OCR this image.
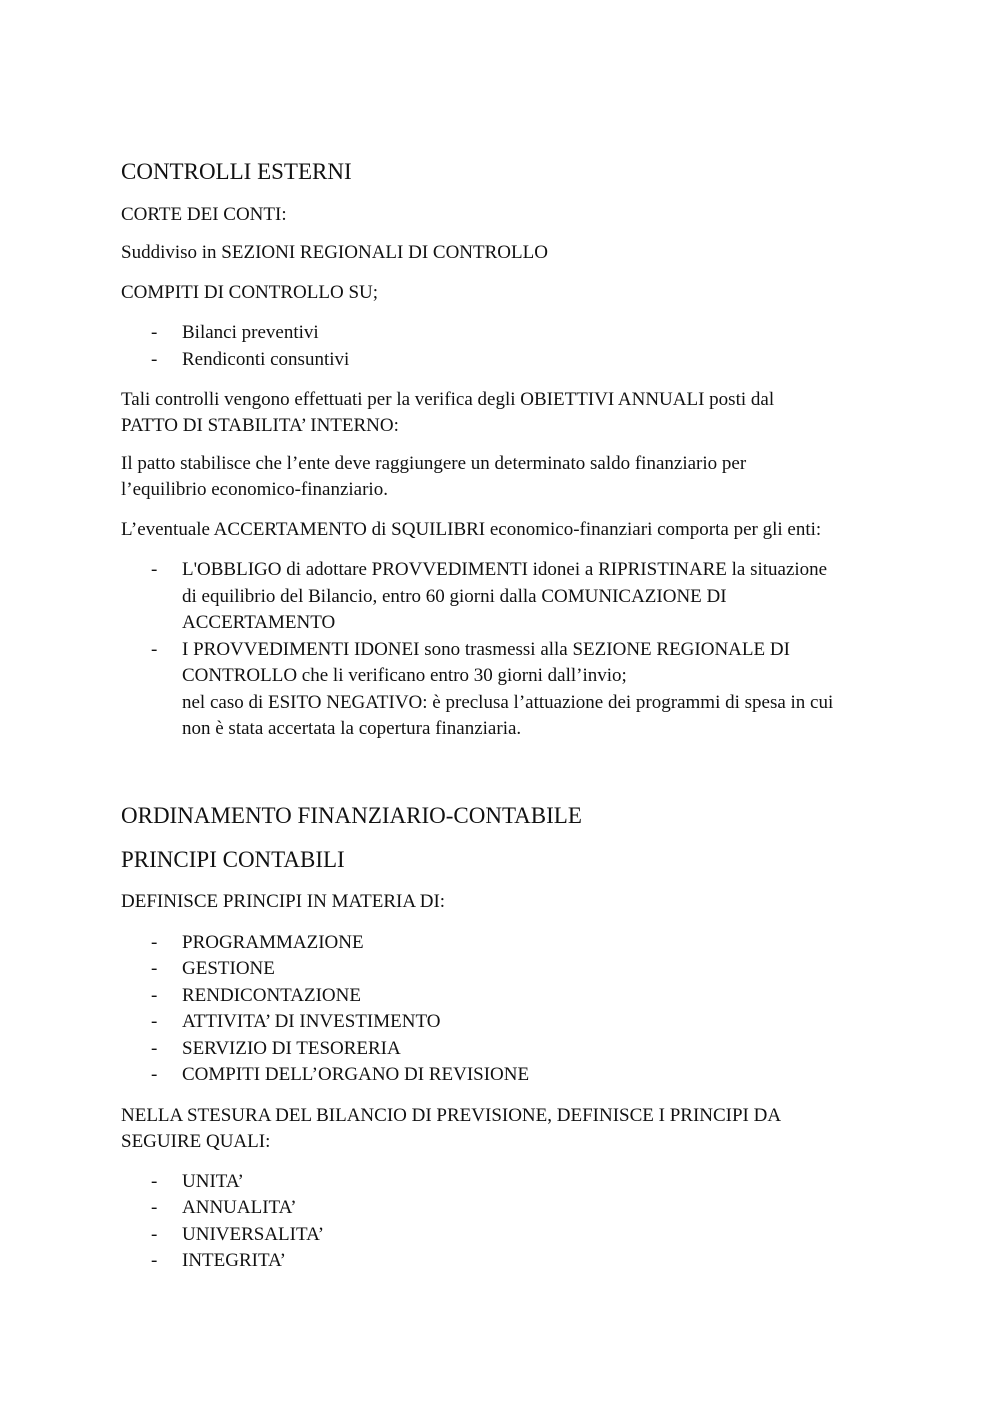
CONTROLLI ESTERNI

CORTE DEI CONTI:

Suddiviso in SEZIONI REGIONALI DI CONTROLLO

COMPITI DI CONTROLLO SU;

- Bilanci preventivi
- Rendiconti consuntivi

Tali controlli vengono effettuati per la verifica degli OBIETTIVI ANNUALI posti dal
PATTO DI STABILITA’ INTERNO:

Il patto stabilisce che l’ente deve raggiungere un determinato saldo finanziario per
l’equilibrio economico-finanziario.

L’eventuale ACCERTAMENTO di SQUILIBRI economico-finanziari comporta per gli enti:

- L'OBBLIGO di adottare PROVVEDIMENTI idonei a RIPRISTINARE la situazione
di equilibrio del Bilancio, entro 60 giorni dalla COMUNICAZIONE DI
ACCERTAMENTO
- I PROVVEDIMENTI IDONEI sono trasmessi alla SEZIONE REGIONALE DI
CONTROLLO che li verificano entro 30 giorni dall’invio;
nel caso di ESITO NEGATIVO: è preclusa l’attuazione dei programmi di spesa in cui
non è stata accertata la copertura finanziaria.
ORDINAMENTO FINANZIARIO-CONTABILE
PRINCIPI CONTABILI

DEFINISCE PRINCIPI IN MATERIA DI:

- PROGRAMMAZIONE
- GESTIONE
- RENDICONTAZIONE
- ATTIVITA’ DI INVESTIMENTO
- SERVIZIO DI TESORERIA
- COMPITI DELL’ORGANO DI REVISIONE

NELLA STESURA DEL BILANCIO DI PREVISIONE, DEFINISCE I PRINCIPI DA
SEGUIRE QUALI:

- UNITA’
- ANNUALITA’
- UNIVERSALITA’
- INTEGRITA’
